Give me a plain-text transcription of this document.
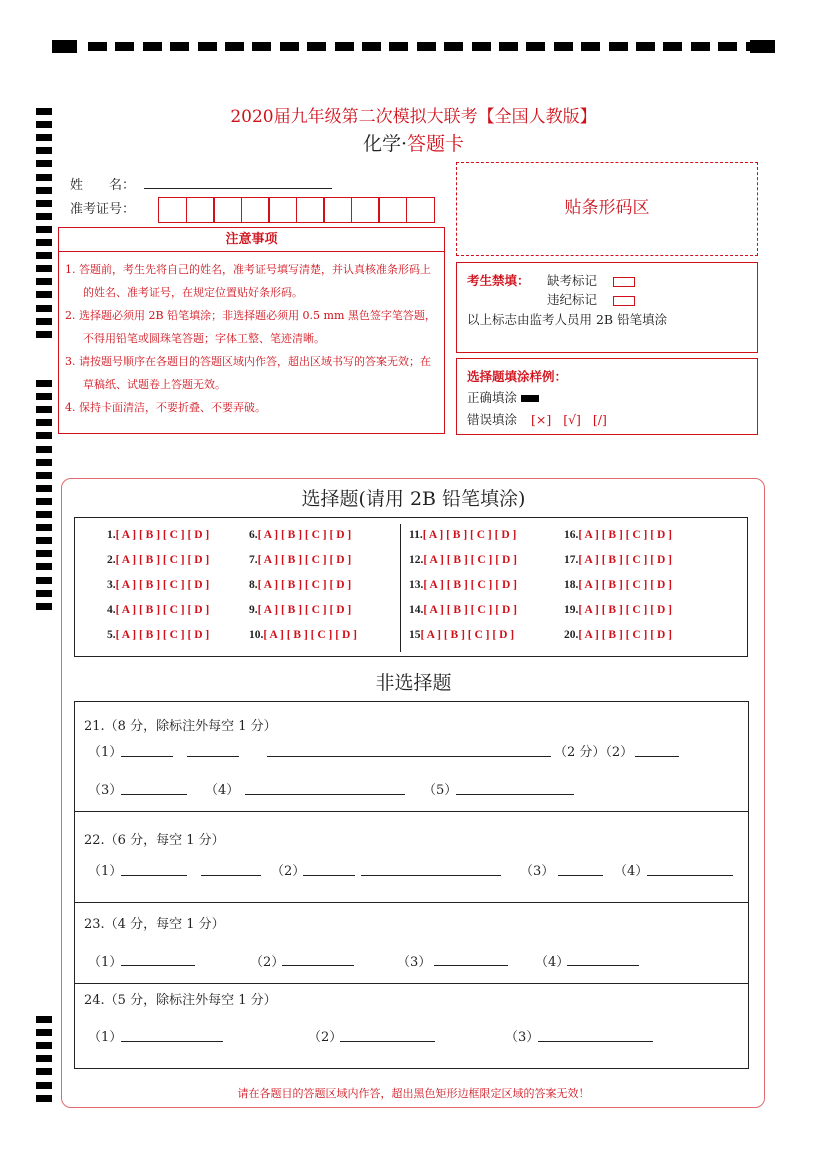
2020届九年级第二次模拟大联考【全国人教版】
化学·答题卡
姓　　名：
准考证号：
注意事项
1. 答题前，考生先将自己的姓名，准考证号填写清楚，并认真核准条形码上的姓名、准考证号，在规定位置贴好条形码。
2. 选择题必须用 2B 铅笔填涂；非选择题必须用 0.5 mm 黑色签字笔答题，不得用铅笔或圆珠笔答题；字体工整、笔迹清晰。
3. 请按题号顺序在各题目的答题区域内作答，超出区域书写的答案无效；在草稿纸、试题卷上答题无效。
4. 保持卡面清洁，不要折叠、不要弄破。
贴条形码区
考生禁填： 缺考标记
违纪标记
以上标志由监考人员用 2B 铅笔填涂
选择题填涂样例：
正确填涂
错误填涂 [×] [√] [/]
选择题(请用 2B 铅笔填涂)
1.[ A ] [ B ] [ C ] [ D ]
2.[ A ] [ B ] [ C ] [ D ]
3.[ A ] [ B ] [ C ] [ D ]
4.[ A ] [ B ] [ C ] [ D ]
5.[ A ] [ B ] [ C ] [ D ]
6.[ A ] [ B ] [ C ] [ D ]
7.[ A ] [ B ] [ C ] [ D ]
8.[ A ] [ B ] [ C ] [ D ]
9.[ A ] [ B ] [ C ] [ D ]
10.[ A ] [ B ] [ C ] [ D ]
11.[ A ] [ B ] [ C ] [ D ]
12.[ A ] [ B ] [ C ] [ D ]
13.[ A ] [ B ] [ C ] [ D ]
14.[ A ] [ B ] [ C ] [ D ]
15[ A ] [ B ] [ C ] [ D ]
16.[ A ] [ B ] [ C ] [ D ]
17.[ A ] [ B ] [ C ] [ D ]
18.[ A ] [ B ] [ C ] [ D ]
19.[ A ] [ B ] [ C ] [ D ]
20.[ A ] [ B ] [ C ] [ D ]
非选择题
21.（8 分，除标注外每空 1 分）
（1）	（2 分）（2）
（3）	（4）	（5）
22.（6 分，每空 1 分）
（1）	（2）	（3）	（4）
23.（4 分，每空 1 分）
（1）	（2）	（3）	（4）
24.（5 分，除标注外每空 1 分）
（1）	（2）	（3）
请在各题目的答题区域内作答，超出黑色矩形边框限定区域的答案无效！
